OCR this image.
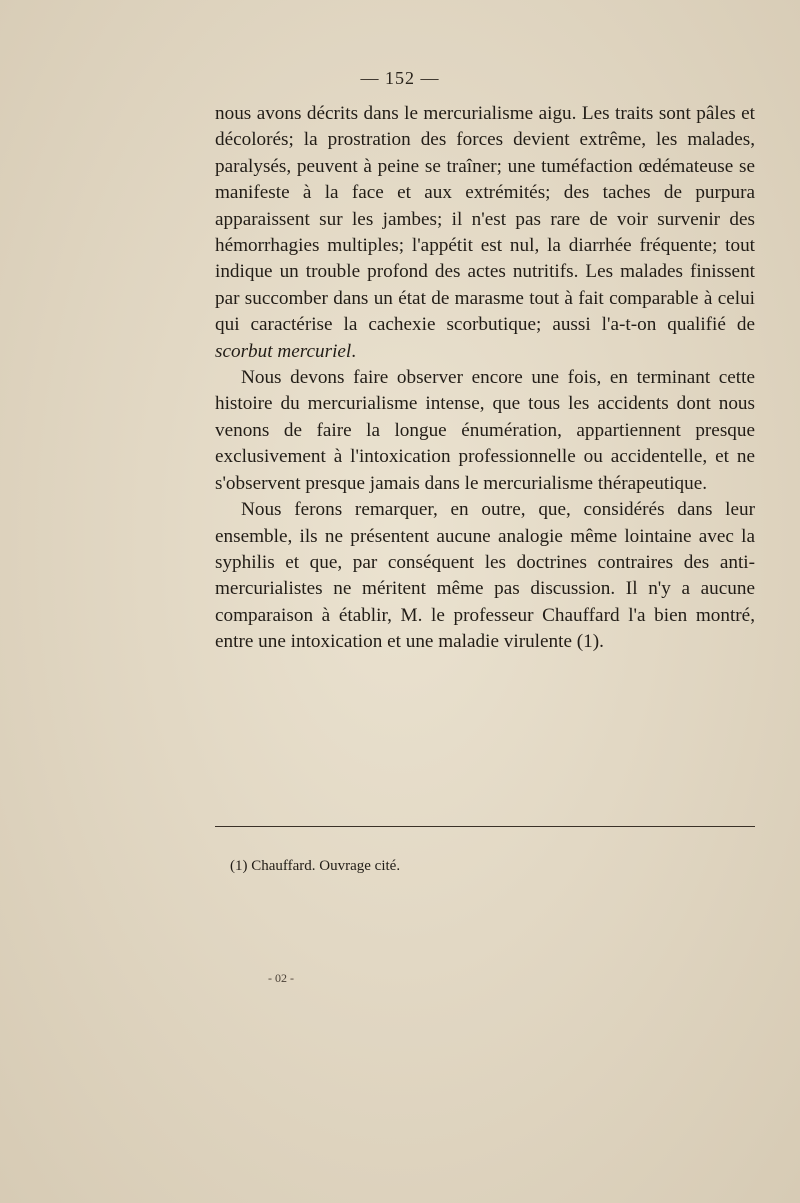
— 152 —

nous avons décrits dans le mercurialisme aigu. Les traits sont pâles et décolorés; la prostration des forces devient extrême, les malades, paralysés, peuvent à peine se traîner; une tuméfaction œdémateuse se manifeste à la face et aux extrémités; des taches de purpura apparaissent sur les jambes; il n'est pas rare de voir survenir des hémorrhagies multiples; l'appétit est nul, la diarrhée fréquente; tout indique un trouble profond des actes nutritifs. Les malades finissent par succomber dans un état de marasme tout à fait comparable à celui qui caractérise la cachexie scorbutique; aussi l'a-t-on qualifié de scorbut mercuriel.

Nous devons faire observer encore une fois, en terminant cette histoire du mercurialisme intense, que tous les accidents dont nous venons de faire la longue énumération, appartiennent presque exclusivement à l'intoxication professionnelle ou accidentelle, et ne s'observent presque jamais dans le mercurialisme thérapeutique.

Nous ferons remarquer, en outre, que, considérés dans leur ensemble, ils ne présentent aucune analogie même lointaine avec la syphilis et que, par conséquent les doctrines contraires des anti-mercurialistes ne méritent même pas discussion. Il n'y a aucune comparaison à établir, M. le professeur Chauffard l'a bien montré, entre une intoxication et une maladie virulente (1).

(1) Chauffard. Ouvrage cité.
- 02 -
